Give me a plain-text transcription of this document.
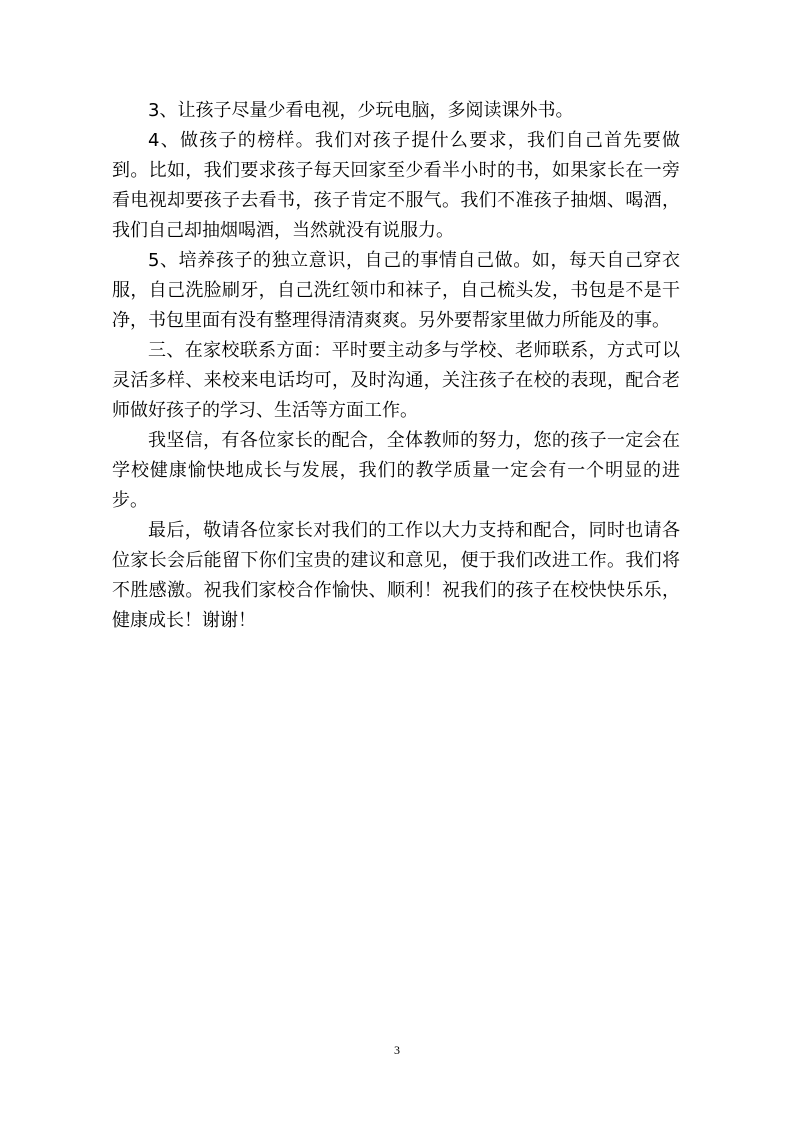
3、让孩子尽量少看电视，少玩电脑，多阅读课外书。

4、做孩子的榜样。我们对孩子提什么要求，我们自己首先要做到。比如，我们要求孩子每天回家至少看半小时的书，如果家长在一旁看电视却要孩子去看书，孩子肯定不服气。我们不准孩子抽烟、喝酒，我们自己却抽烟喝酒，当然就没有说服力。

5、培养孩子的独立意识，自己的事情自己做。如，每天自己穿衣服，自己洗脸刷牙，自己洗红领巾和袜子，自己梳头发，书包是不是干净，书包里面有没有整理得清清爽爽。另外要帮家里做力所能及的事。

三、在家校联系方面：平时要主动多与学校、老师联系，方式可以灵活多样、来校来电话均可，及时沟通，关注孩子在校的表现，配合老师做好孩子的学习、生活等方面工作。

我坚信，有各位家长的配合，全体教师的努力，您的孩子一定会在学校健康愉快地成长与发展，我们的教学质量一定会有一个明显的进步。

最后，敬请各位家长对我们的工作以大力支持和配合，同时也请各位家长会后能留下你们宝贵的建议和意见，便于我们改进工作。我们将不胜感激。祝我们家校合作愉快、顺利！祝我们的孩子在校快快乐乐，健康成长！谢谢！

3
